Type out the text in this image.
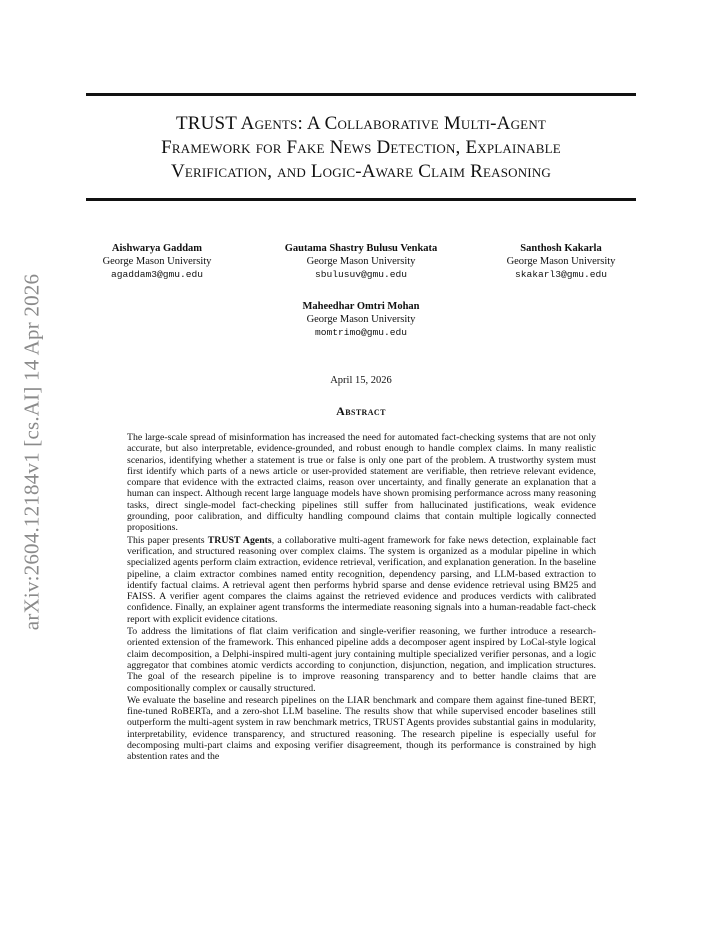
arXiv:2604.12184v1 [cs.AI] 14 Apr 2026
TRUST Agents: A Collaborative Multi-Agent
Framework for Fake News Detection, Explainable
Verification, and Logic-Aware Claim Reasoning
Aishwarya Gaddam
George Mason University
agaddam3@gmu.edu
Gautama Shastry Bulusu Venkata
George Mason University
sbulusuv@gmu.edu
Santhosh Kakarla
George Mason University
skakarl3@gmu.edu
Maheedhar Omtri Mohan
George Mason University
momtrimo@gmu.edu
April 15, 2026
Abstract

The large-scale spread of misinformation has increased the need for automated fact-checking systems that are not only accurate, but also interpretable, evidence-grounded, and robust enough to handle complex claims. In many realistic scenarios, identifying whether a statement is true or false is only one part of the problem. A trustworthy system must first identify which parts of a news article or user-provided statement are verifiable, then retrieve relevant evidence, compare that evidence with the extracted claims, reason over uncertainty, and finally generate an explanation that a human can inspect. Although recent large language models have shown promising performance across many reasoning tasks, direct single-model fact-checking pipelines still suffer from hallucinated justifications, weak evidence grounding, poor calibration, and difficulty handling compound claims that contain multiple logically connected propositions.

This paper presents TRUST Agents, a collaborative multi-agent framework for fake news detection, explainable fact verification, and structured reasoning over complex claims. The system is organized as a modular pipeline in which specialized agents perform claim extraction, evidence retrieval, verification, and explanation generation. In the baseline pipeline, a claim extractor combines named entity recognition, dependency parsing, and LLM-based extraction to identify factual claims. A retrieval agent then performs hybrid sparse and dense evidence retrieval using BM25 and FAISS. A verifier agent compares the claims against the retrieved evidence and produces verdicts with calibrated confidence. Finally, an explainer agent transforms the intermediate reasoning signals into a human-readable fact-check report with explicit evidence citations.

To address the limitations of flat claim verification and single-verifier reasoning, we further introduce a research-oriented extension of the framework. This enhanced pipeline adds a decomposer agent inspired by LoCal-style logical claim decomposition, a Delphi-inspired multi-agent jury containing multiple specialized verifier personas, and a logic aggregator that combines atomic verdicts according to conjunction, disjunction, negation, and implication structures. The goal of the research pipeline is to improve reasoning transparency and to better handle claims that are compositionally complex or causally structured.

We evaluate the baseline and research pipelines on the LIAR benchmark and compare them against fine-tuned BERT, fine-tuned RoBERTa, and a zero-shot LLM baseline. The results show that while supervised encoder baselines still outperform the multi-agent system in raw benchmark metrics, TRUST Agents provides substantial gains in modularity, interpretability, evidence transparency, and structured reasoning. The research pipeline is especially useful for decomposing multi-part claims and exposing verifier disagreement, though its performance is constrained by high abstention rates and the
